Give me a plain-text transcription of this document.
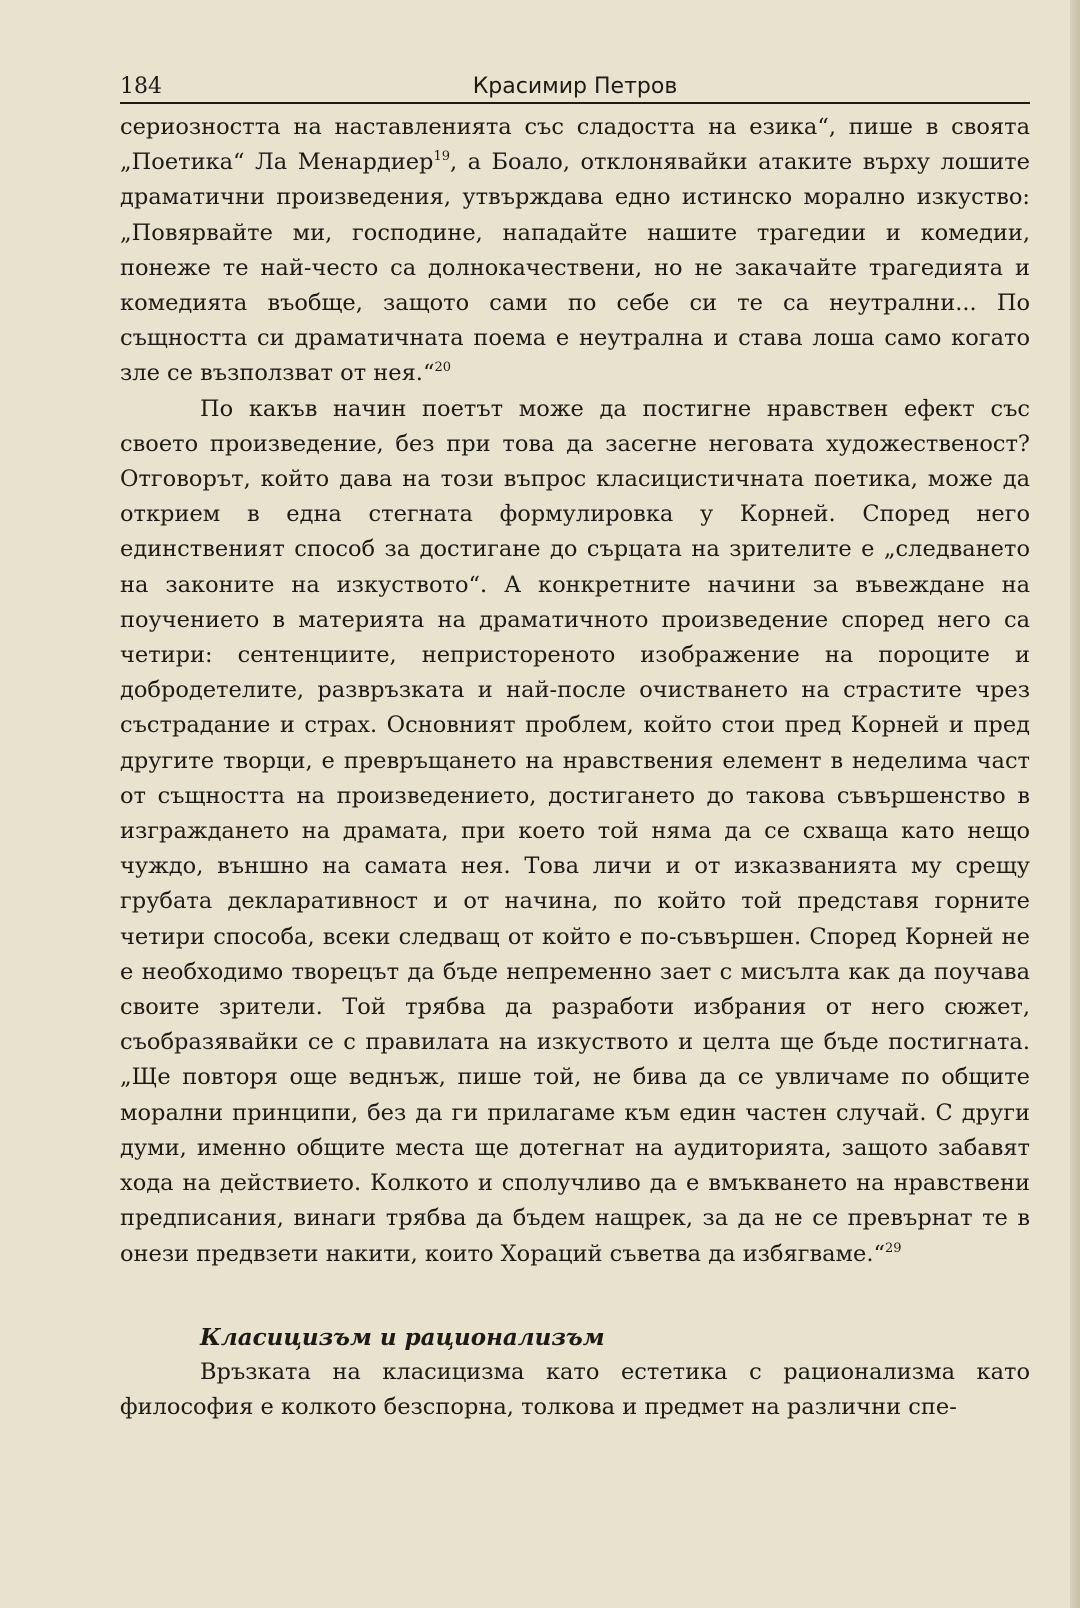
184	Красимир Петров

сериозността на наставленията със сладостта на езика“, пише в своята „Поетика“ Ла Менардиер$^{19}$, а Боало, отклонявайки атаките върху лошите драматични произведения, утвърждава едно истинско морално изкуство: „Повярвайте ми, господине, нападайте нашите трагедии и комедии, понеже те най-често са долнокачествени, но не закачайте трагедията и комедията въобще, защото сами по себе си те са неутрални... По същността си драматичната поема е неутрална и става лоша само когато зле се възползват от нея.“$^{20}$

По какъв начин поетът може да постигне нравствен ефект със своето произведение, без при това да засегне неговата художественост? Отговорът, който дава на този въпрос класицистичната поетика, може да открием в една стегната формулировка у Корней. Според него единственият способ за достигане до сърцата на зрителите е „следването на законите на изкуството“. А конкретните начини за въвеждане на поучението в материята на драматичното произведение според него са четири: сентенциите, непристореното изображение на пороците и добродетелите, развръзката и най-после очистването на страстите чрез състрадание и страх. Основният проблем, който стои пред Корней и пред другите творци, е превръщането на нравствения елемент в неделима част от същността на произведението, достигането до такова съвършенство в изграждането на драмата, при което той няма да се схваща като нещо чуждо, външно на самата нея. Това личи и от изказванията му срещу грубата декларативност и от начина, по който той представя горните четири способа, всеки следващ от който е по-съвършен. Според Корней не е необходимо творецът да бъде непременно зает с мисълта как да поучава своите зрители. Той трябва да разработи избрания от него сюжет, съобразявайки се с правилата на изкуството и целта ще бъде постигната. „Ще повторя още веднъж, пише той, не бива да се увличаме по общите морални принципи, без да ги прилагаме към един частен случай. С други думи, именно общите места ще дотегнат на аудиторията, защото забавят хода на действието. Колкото и сполучливо да е вмъкването на нравствени предписания, винаги трябва да бъдем нащрек, за да не се превърнат те в онези предвзети накити, които Хораций съветва да избягваме.“$^{29}$

Класицизъм и рационализъм

Връзката на класицизма като естетика с рационализма като философия е колкото безспорна, толкова и предмет на различни спе-
